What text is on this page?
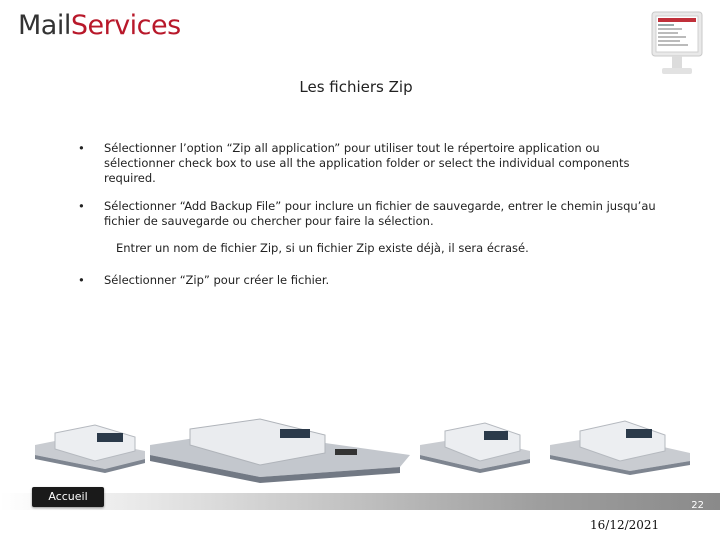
MailServices
Les fichiers Zip
• Sélectionner l’option “Zip all application” pour utiliser tout le répertoire application ou sélectionner check box to use all the application folder or select the individual components required.
• Sélectionner “Add Backup File” pour inclure un fichier de sauvegarde, entrer le chemin jusqu’au fichier de sauvegarde ou chercher pour faire la sélection.
Entrer un nom de fichier Zip, si un fichier Zip existe déjà, il sera écrasé.
• Sélectionner “Zip” pour créer le fichier.
Accueil
22
16/12/2021
